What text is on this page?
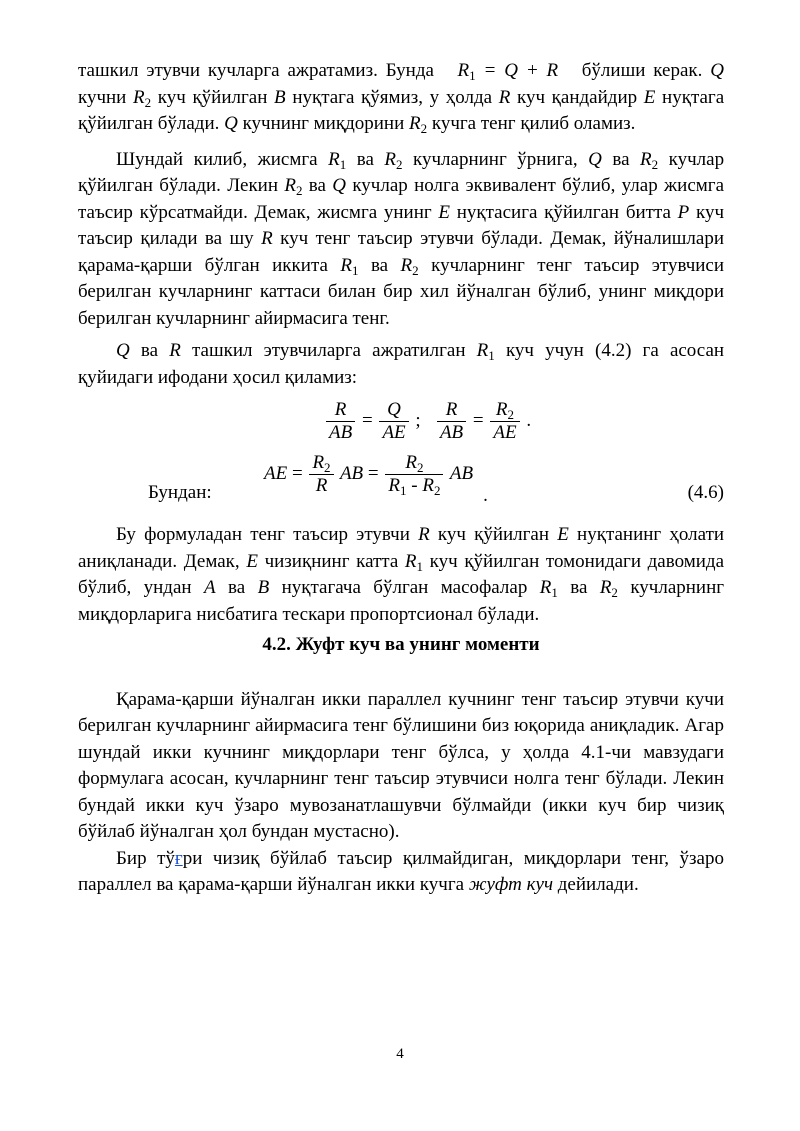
ташкил этувчи кучларга ажратамиз. Бунда   $R_1 = Q + R$   бўлиши керак. Q кучни $R_2$ куч қўйилган B нуқтага қўямиз, у ҳолда R куч қандайдир E нуқтага қўйилган бўлади. Q кучнинг миқдорини $R_2$ кучга тенг қилиб оламиз.

Шундай килиб, жисмга $R_1$ ва $R_2$ кучларнинг ўрнига, Q ва $R_2$ кучлар қўйилган бўлади. Лекин $R_2$ ва Q кучлар нолга эквивалент бўлиб, улар жисмга таъсир кўрсатмайди. Демак, жисмга унинг E нуқтасига қўйилган битта P куч таъсир қилади ва шу R куч тенг таъсир этувчи бўлади. Демак, йўналишлари қарама-қарши бўлган иккита $R_1$ ва $R_2$ кучларнинг тенг таъсир этувчиси берилган кучларнинг каттаси билан бир хил йўналган бўлиб, унинг миқдори берилган кучларнинг айирмасига тенг.

Q ва R ташкил этувчиларга ажратилган $R_1$ куч учун (4.2) га асосан қуйидаги ифодани ҳосил қиламиз:

$\frac{R}{AB} = \frac{Q}{AE}$ ; $\frac{R}{AB} = \frac{R_2}{AE}$ .
Бундан:
AE = $\frac{R_2}{R}$ AB = $\frac{R_2}{R_1 - R_2}$ AB.	(4.6)

Бу формуладан тенг таъсир этувчи R куч қўйилган E нуқтанинг ҳолати аниқланади. Демак, E чизиқнинг катта $R_1$ куч қўйилган томонидаги давомида бўлиб, ундан A ва B нуқтагача бўлган масофалар $R_1$ ва $R_2$ кучларнинг миқдорларига нисбатига тескари пропортсионал бўлади.

4.2. Жуфт куч ва унинг моменти

Қарама-қарши йўналган икки параллел кучнинг тенг таъсир этувчи кучи берилган кучларнинг айирмасига тенг бўлишини биз юқорида аниқладик. Агар шундай икки кучнинг миқдорлари тенг бўлса, у ҳолда 4.1-чи мавзудаги формулага асосан, кучларнинг тенг таъсир этувчиси нолга тенг бўлади. Лекин бундай икки куч ўзаро мувозанатлашувчи бўлмайди (икки куч бир чизиқ бўйлаб йўналган ҳол бундан мустасно).

Бир тўғри чизиқ бўйлаб таъсир қилмайдиган, миқдорлари тенг, ўзаро параллел ва қарама-қарши йўналган икки кучга жуфт куч дейилади.

4
